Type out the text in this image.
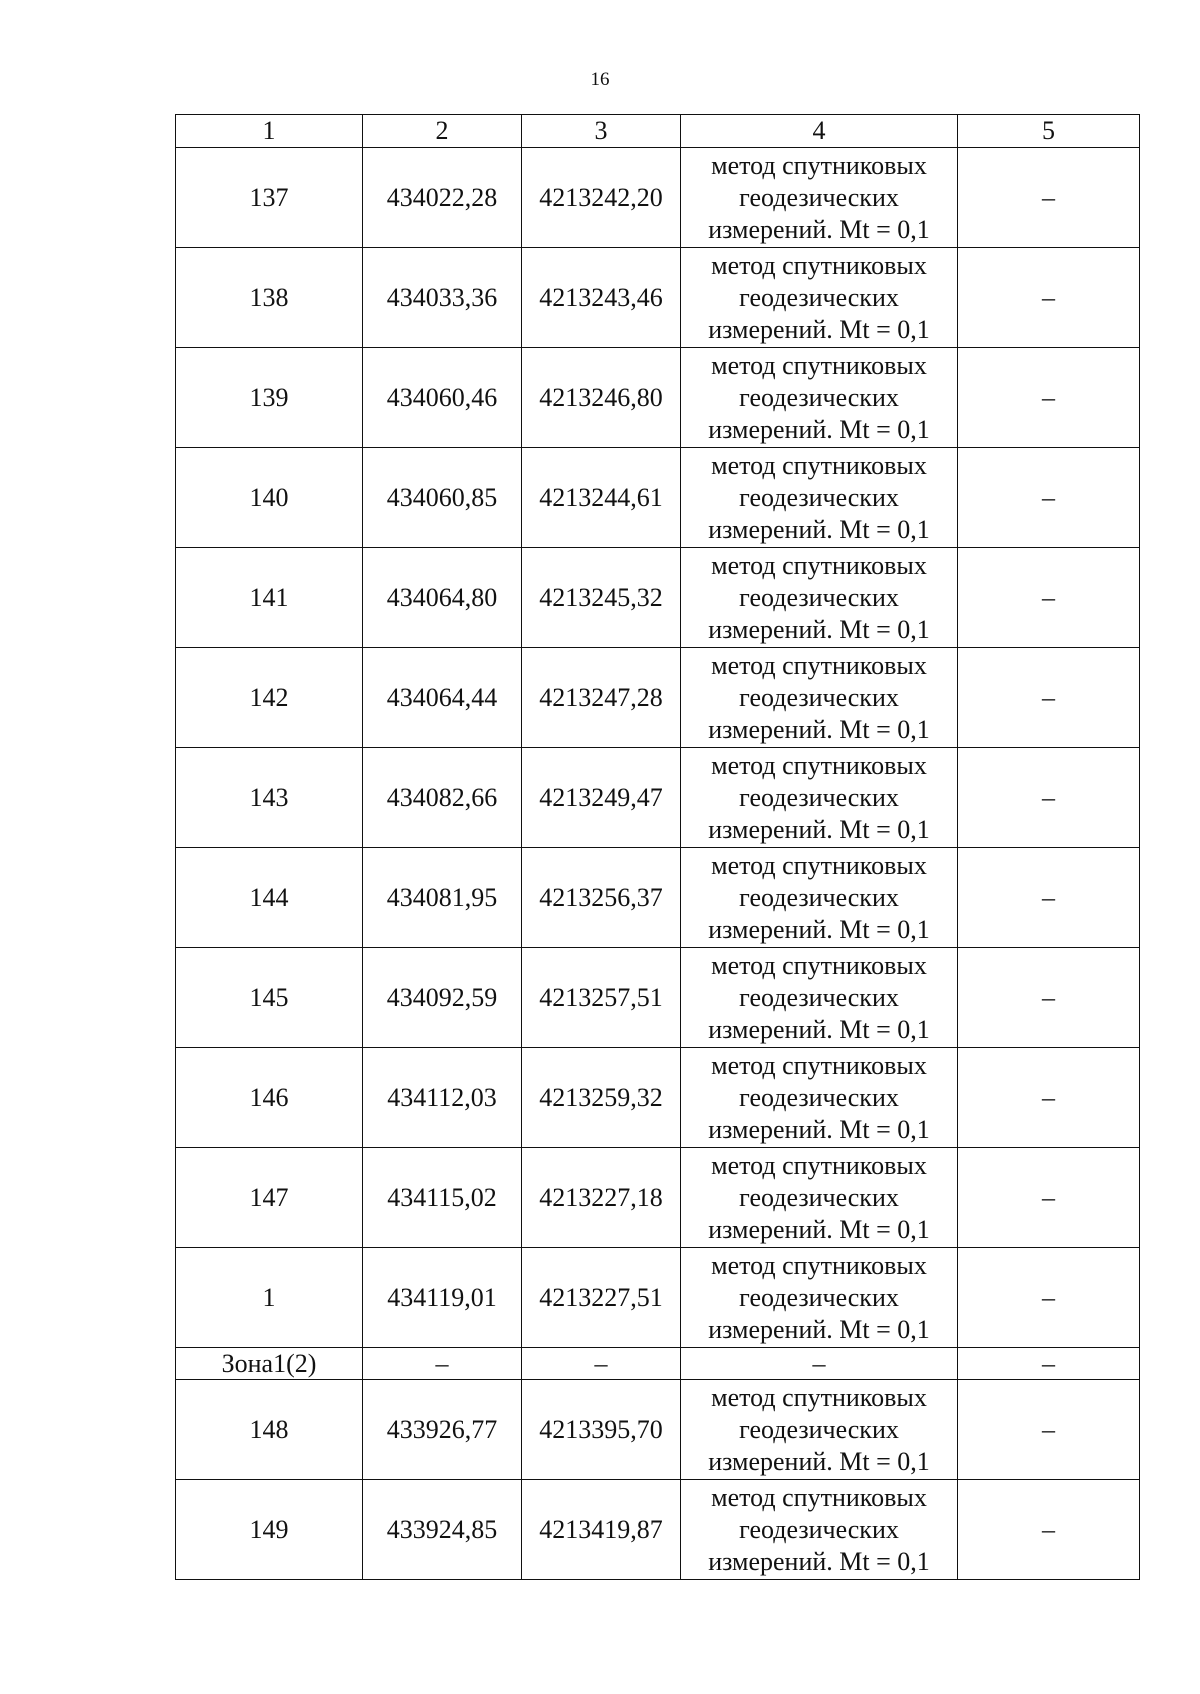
16
1	2	3	4	5
137	434022,28	4213242,20	метод спутниковых
геодезических
измерений. Mt = 0,1	–
138	434033,36	4213243,46	метод спутниковых
геодезических
измерений. Mt = 0,1	–
139	434060,46	4213246,80	метод спутниковых
геодезических
измерений. Mt = 0,1	–
140	434060,85	4213244,61	метод спутниковых
геодезических
измерений. Mt = 0,1	–
141	434064,80	4213245,32	метод спутниковых
геодезических
измерений. Mt = 0,1	–
142	434064,44	4213247,28	метод спутниковых
геодезических
измерений. Mt = 0,1	–
143	434082,66	4213249,47	метод спутниковых
геодезических
измерений. Mt = 0,1	–
144	434081,95	4213256,37	метод спутниковых
геодезических
измерений. Mt = 0,1	–
145	434092,59	4213257,51	метод спутниковых
геодезических
измерений. Mt = 0,1	–
146	434112,03	4213259,32	метод спутниковых
геодезических
измерений. Mt = 0,1	–
147	434115,02	4213227,18	метод спутниковых
геодезических
измерений. Mt = 0,1	–
1	434119,01	4213227,51	метод спутниковых
геодезических
измерений. Mt = 0,1	–
Зона1(2)	–	–	–	–
148	433926,77	4213395,70	метод спутниковых
геодезических
измерений. Mt = 0,1	–
149	433924,85	4213419,87	метод спутниковых
геодезических
измерений. Mt = 0,1	–
